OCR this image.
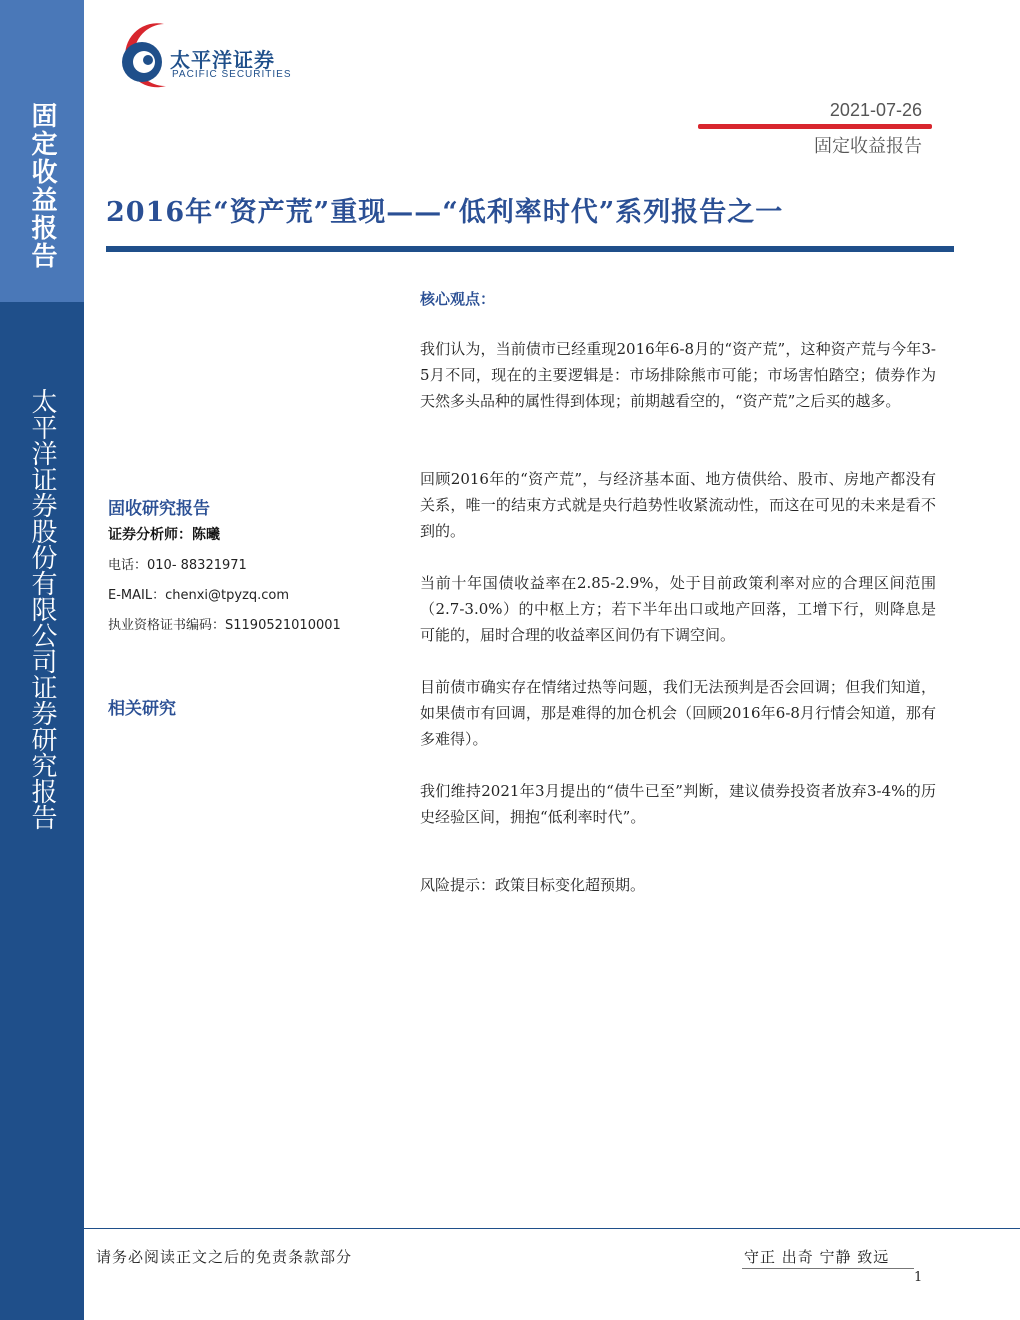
固定收益报告
太平洋证券股份有限公司证券研究报告
太平洋证券
PACIFIC SECURITIES
2021-07-26
固定收益报告
2016年“资产荒”重现——“低利率时代”系列报告之一
核心观点：
我们认为，当前债市已经重现2016年6-8月的“资产荒”，这种资产荒与今年3-5月不同，现在的主要逻辑是：市场排除熊市可能；市场害怕踏空；债券作为天然多头品种的属性得到体现；前期越看空的，“资产荒”之后买的越多。
回顾2016年的“资产荒”，与经济基本面、地方债供给、股市、房地产都没有关系，唯一的结束方式就是央行趋势性收紧流动性，而这在可见的未来是看不到的。
当前十年国债收益率在2.85-2.9%，处于目前政策利率对应的合理区间范围（2.7-3.0%）的中枢上方；若下半年出口或地产回落，工增下行，则降息是可能的，届时合理的收益率区间仍有下调空间。
目前债市确实存在情绪过热等问题，我们无法预判是否会回调；但我们知道，如果债市有回调，那是难得的加仓机会（回顾2016年6-8月行情会知道，那有多难得）。
我们维持2021年3月提出的“债牛已至”判断，建议债券投资者放弃3-4%的历史经验区间，拥抱“低利率时代”。
风险提示：政策目标变化超预期。
固收研究报告
证券分析师：陈曦
电话：010- 88321971
E-MAIL：chenxi@tpyzq.com
执业资格证书编码：S1190521010001
相关研究
请务必阅读正文之后的免责条款部分	守正 出奇 宁静 致远
1
